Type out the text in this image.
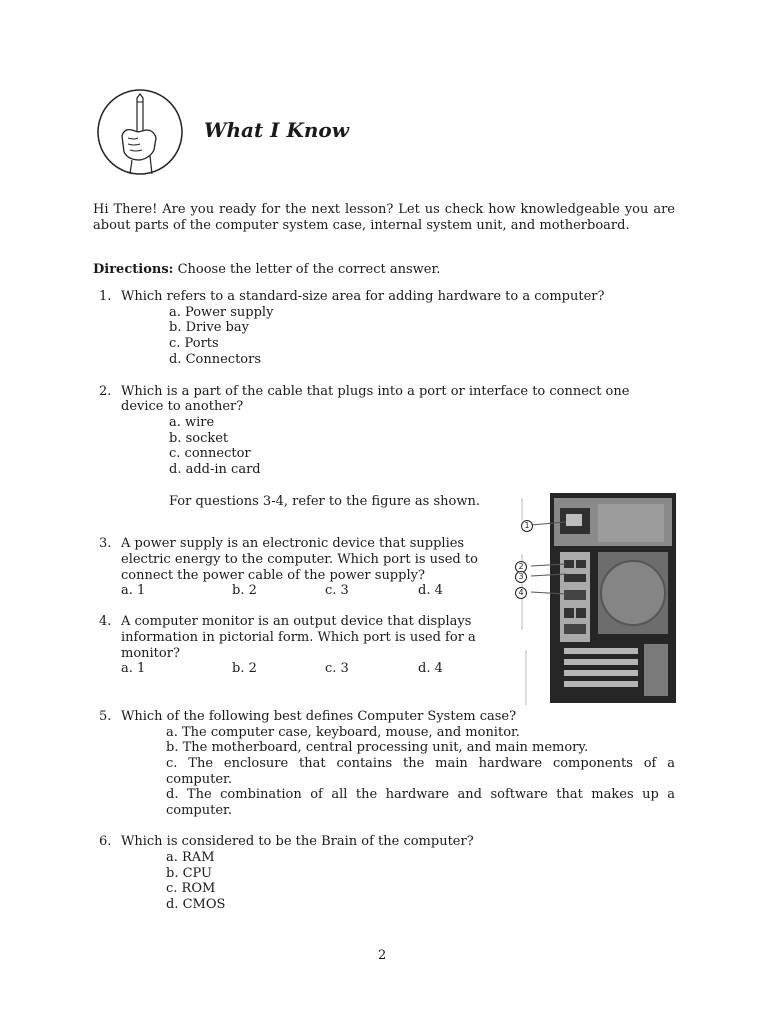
What I Know
Hi There! Are you ready for the next lesson? Let us check how knowledgeable you are about parts of the computer system case, internal system unit, and motherboard.
Directions: Choose the letter of the correct answer.
1. Which refers to a standard-size area for adding hardware to a computer?
a. Power supply
b. Drive bay
c. Ports
d. Connectors
2. Which is a part of the cable that plugs into a port or interface to connect one
device to another?
a. wire
b. socket
c. connector
d. add-in card
For questions 3-4, refer to the figure as shown.
3. A power supply is an electronic device that supplies
electric energy to the computer. Which port is used to
connect the power cable of the power supply?
a. 1	b. 2	c. 3	d. 4
4. A computer monitor is an output device that displays
information in pictorial form. Which port is used for a
monitor?
a. 1	b. 2	c. 3	d. 4
1
2
3
4
5. Which of the following best defines Computer System case?
a. The computer case, keyboard, mouse, and monitor.
b. The motherboard, central processing unit, and main memory.
c. The enclosure that contains the main hardware components of a
computer.
d. The combination of all the hardware and software that makes up a
computer.
6. Which is considered to be the Brain of the computer?
a. RAM
b. CPU
c. ROM
d. CMOS
2
